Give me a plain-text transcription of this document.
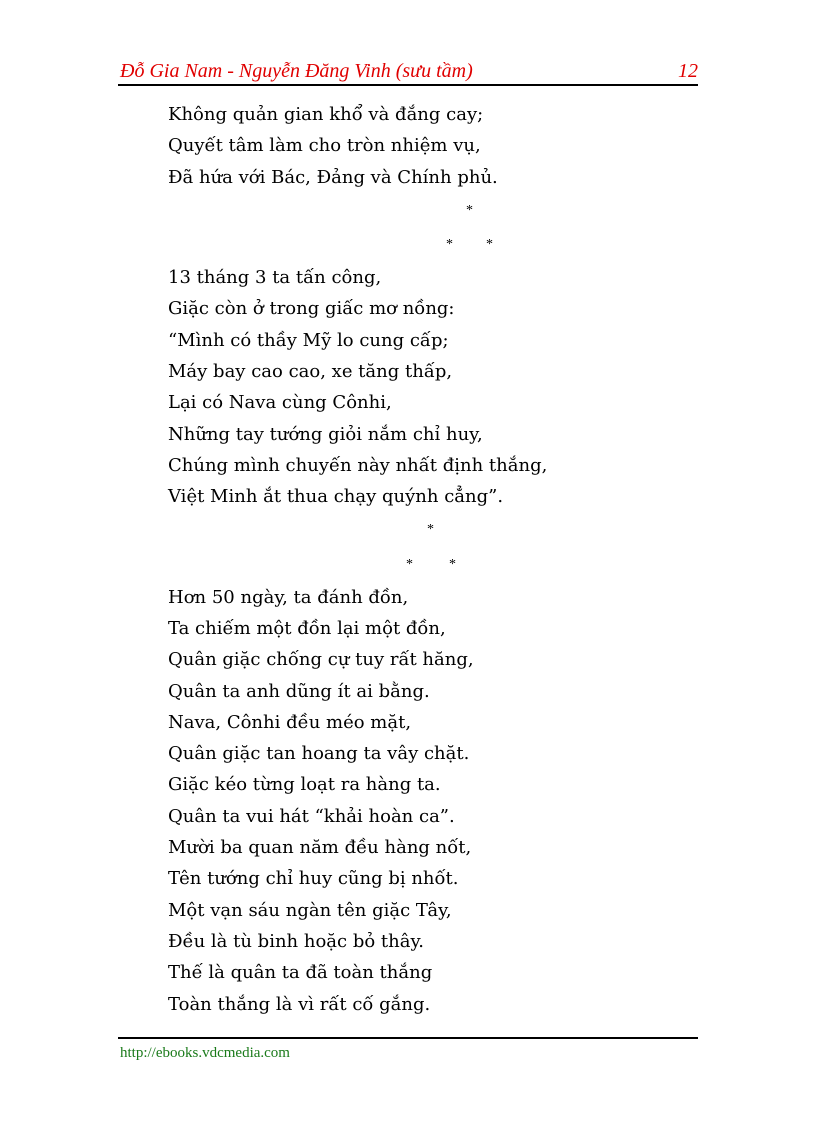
Đỗ Gia Nam - Nguyễn Đăng Vinh (sưu tầm)	12
Không quản gian khổ và đắng cay;
Quyết tâm làm cho tròn nhiệm vụ,
Đã hứa với Bác, Đảng và Chính phủ.
*
* *
13 tháng 3 ta tấn công,
Giặc còn ở trong giấc mơ nồng:
“Mình có thầy Mỹ lo cung cấp;
Máy bay cao cao, xe tăng thấp,
Lại có Nava cùng Cônhi,
Những tay tướng giỏi nắm chỉ huy,
Chúng mình chuyến này nhất định thắng,
Việt Minh ắt thua chạy quýnh cẳng”.
*
*	*
Hơn 50 ngày, ta đánh đồn,
Ta chiếm một đồn lại một đồn,
Quân giặc chống cự tuy rất hăng,
Quân ta anh dũng ít ai bằng.
Nava, Cônhi đều méo mặt,
Quân giặc tan hoang ta vây chặt.
Giặc kéo từng loạt ra hàng ta.
Quân ta vui hát “khải hoàn ca”.
Mười ba quan năm đều hàng nốt,
Tên tướng chỉ huy cũng bị nhốt.
Một vạn sáu ngàn tên giặc Tây,
Đều là tù binh hoặc bỏ thây.
Thế là quân ta đã toàn thắng
Toàn thắng là vì rất cố gắng.
http://ebooks.vdcmedia.com
